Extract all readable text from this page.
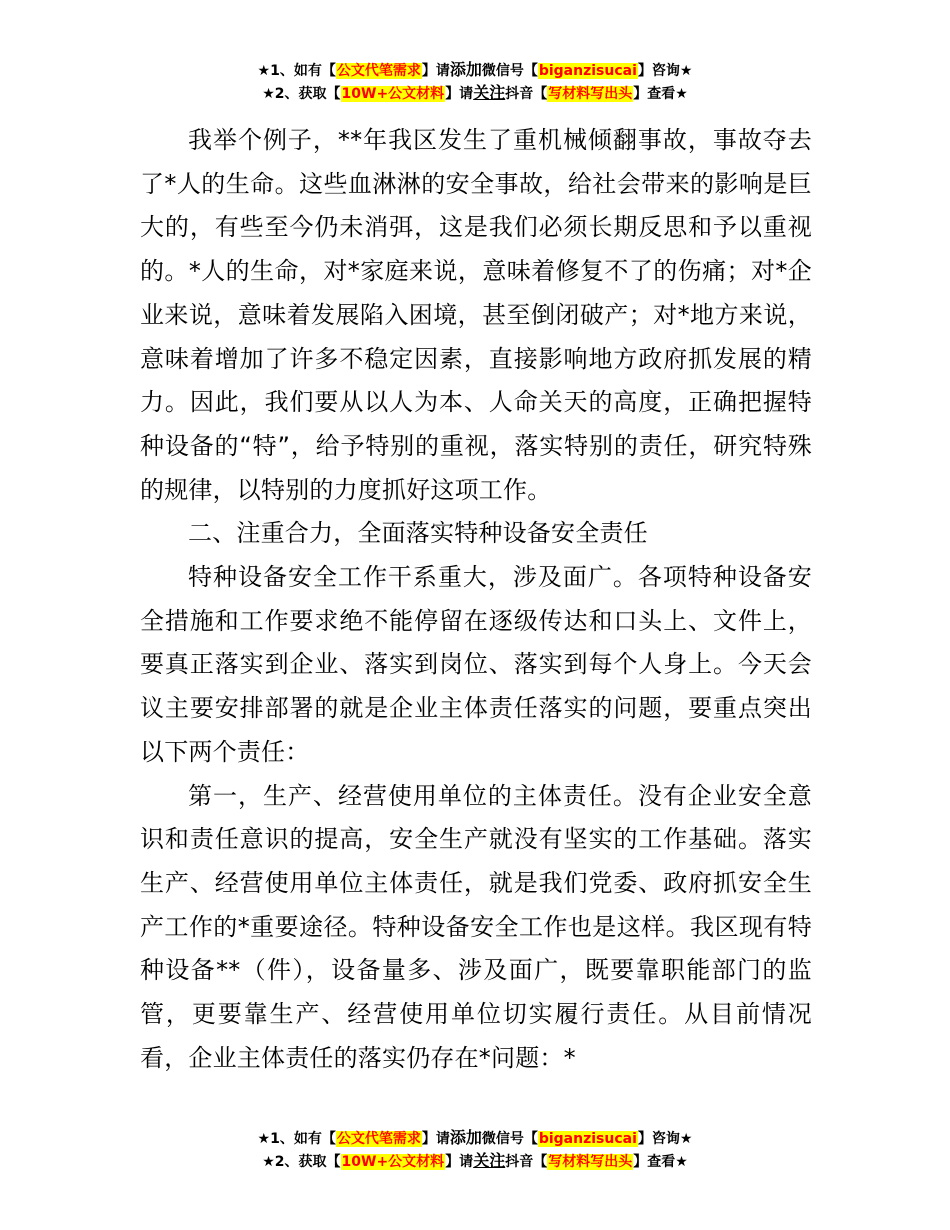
★1、如有【公文代笔需求】请添加微信号【biganzisucai】咨询★
★2、获取【10W+公文材料】请关注抖音【写材料写出头】查看★

我举个例子，**年我区发生了重机械倾翻事故，事故夺去了*人的生命。这些血淋淋的安全事故，给社会带来的影响是巨大的，有些至今仍未消弭，这是我们必须长期反思和予以重视的。*人的生命，对*家庭来说，意味着修复不了的伤痛；对*企业来说，意味着发展陷入困境，甚至倒闭破产；对*地方来说，意味着增加了许多不稳定因素，直接影响地方政府抓发展的精力。因此，我们要从以人为本、人命关天的高度，正确把握特种设备的“特”，给予特别的重视，落实特别的责任，研究特殊的规律，以特别的力度抓好这项工作。

二、注重合力，全面落实特种设备安全责任

特种设备安全工作干系重大，涉及面广。各项特种设备安全措施和工作要求绝不能停留在逐级传达和口头上、文件上，要真正落实到企业、落实到岗位、落实到每个人身上。今天会议主要安排部署的就是企业主体责任落实的问题，要重点突出以下两个责任：

第一，生产、经营使用单位的主体责任。没有企业安全意识和责任意识的提高，安全生产就没有坚实的工作基础。落实生产、经营使用单位主体责任，就是我们党委、政府抓安全生产工作的*重要途径。特种设备安全工作也是这样。我区现有特种设备**（件），设备量多、涉及面广，既要靠职能部门的监管，更要靠生产、经营使用单位切实履行责任。从目前情况看，企业主体责任的落实仍存在*问题：*

★1、如有【公文代笔需求】请添加微信号【biganzisucai】咨询★
★2、获取【10W+公文材料】请关注抖音【写材料写出头】查看★
